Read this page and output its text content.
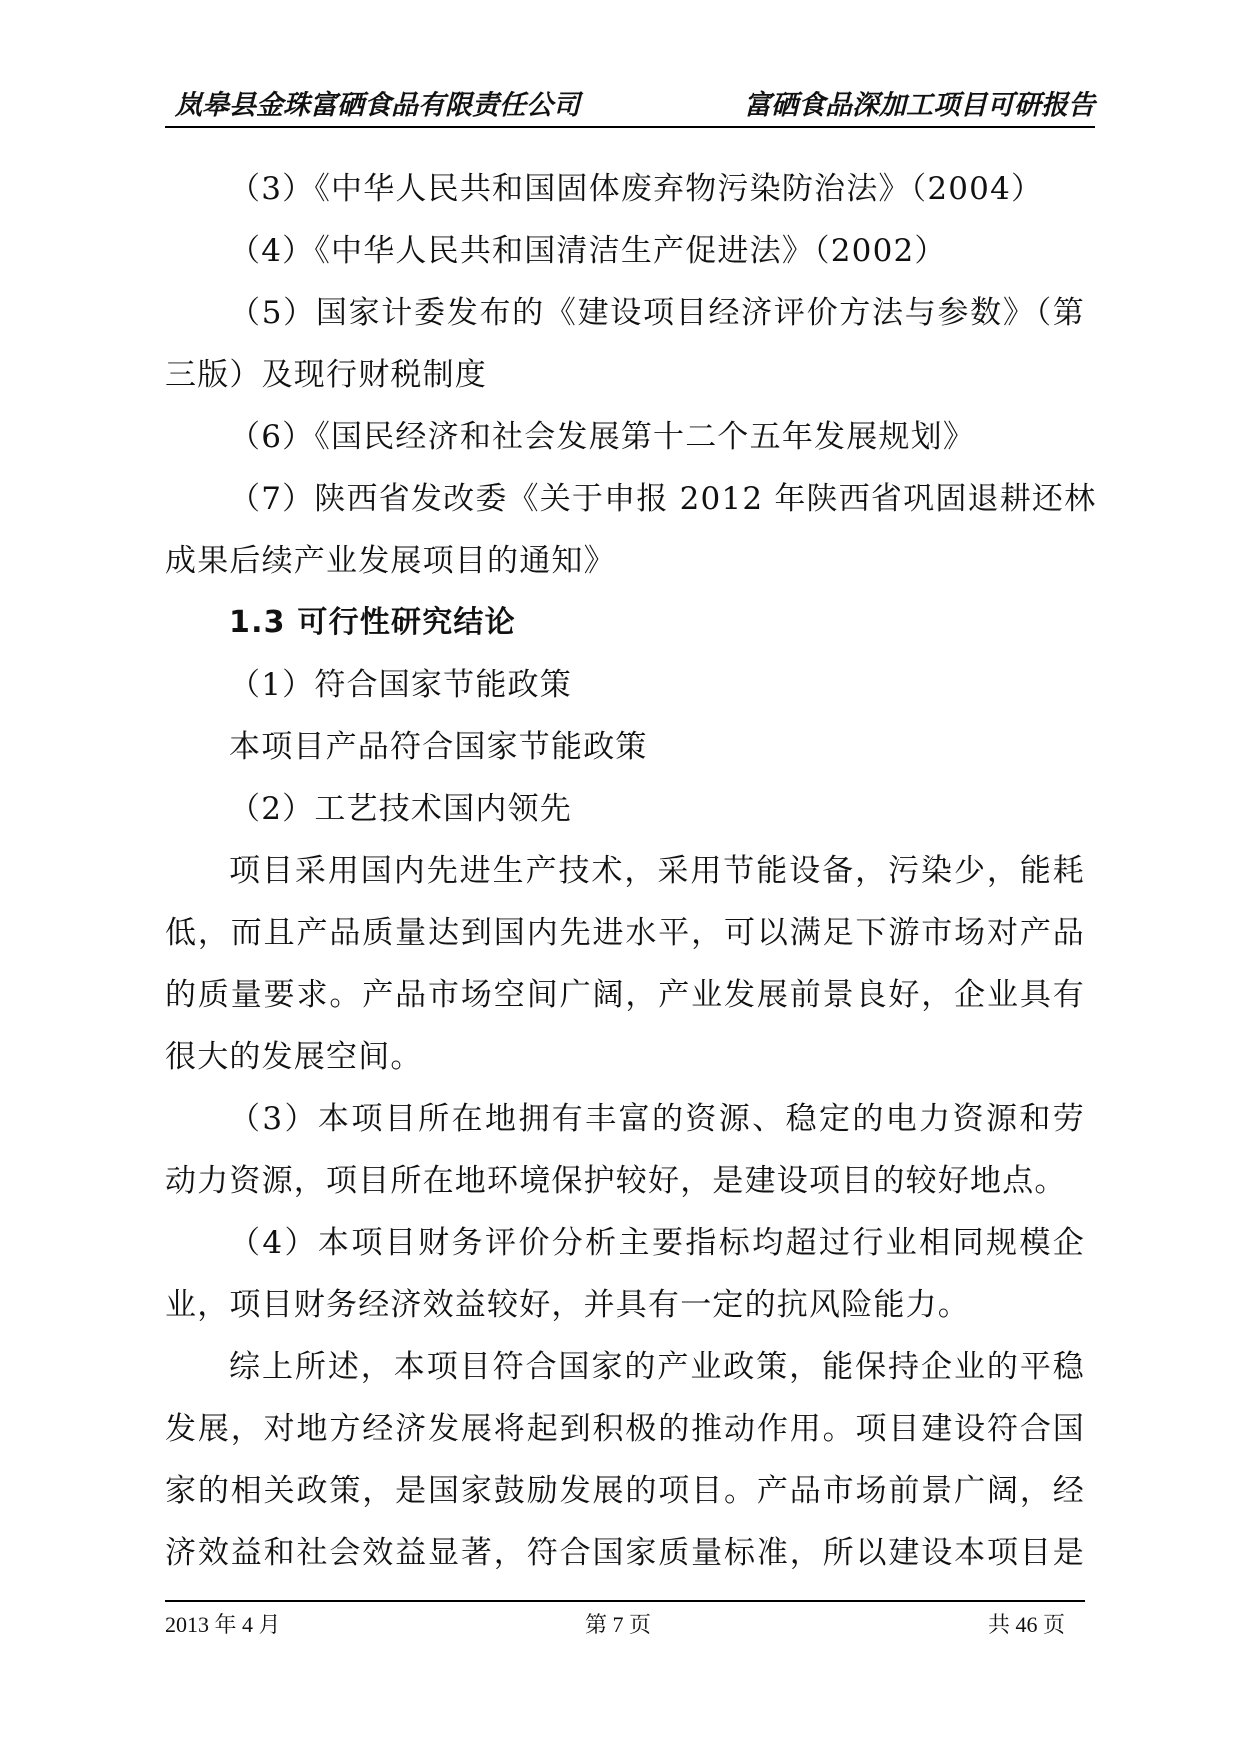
岚皋县金珠富硒食品有限责任公司	富硒食品深加工项目可研报告
（3）《中华人民共和国固体废弃物污染防治法》（2004）
（4）《中华人民共和国清洁生产促进法》（2002）
（5）国家计委发布的《建设项目经济评价方法与参数》（第
三版）及现行财税制度
（6）《国民经济和社会发展第十二个五年发展规划》
（7）陕西省发改委《关于申报 2012 年陕西省巩固退耕还林
成果后续产业发展项目的通知》
1.3 可行性研究结论
（1）符合国家节能政策
本项目产品符合国家节能政策
（2）工艺技术国内领先
项目采用国内先进生产技术，采用节能设备，污染少，能耗
低，而且产品质量达到国内先进水平，可以满足下游市场对产品
的质量要求。产品市场空间广阔，产业发展前景良好，企业具有
很大的发展空间。
（3）本项目所在地拥有丰富的资源、稳定的电力资源和劳
动力资源，项目所在地环境保护较好，是建设项目的较好地点。
（4）本项目财务评价分析主要指标均超过行业相同规模企
业，项目财务经济效益较好，并具有一定的抗风险能力。
综上所述，本项目符合国家的产业政策，能保持企业的平稳
发展，对地方经济发展将起到积极的推动作用。项目建设符合国
家的相关政策，是国家鼓励发展的项目。产品市场前景广阔，经
济效益和社会效益显著，符合国家质量标准，所以建设本项目是
2013 年 4 月	第 7 页	共 46 页
